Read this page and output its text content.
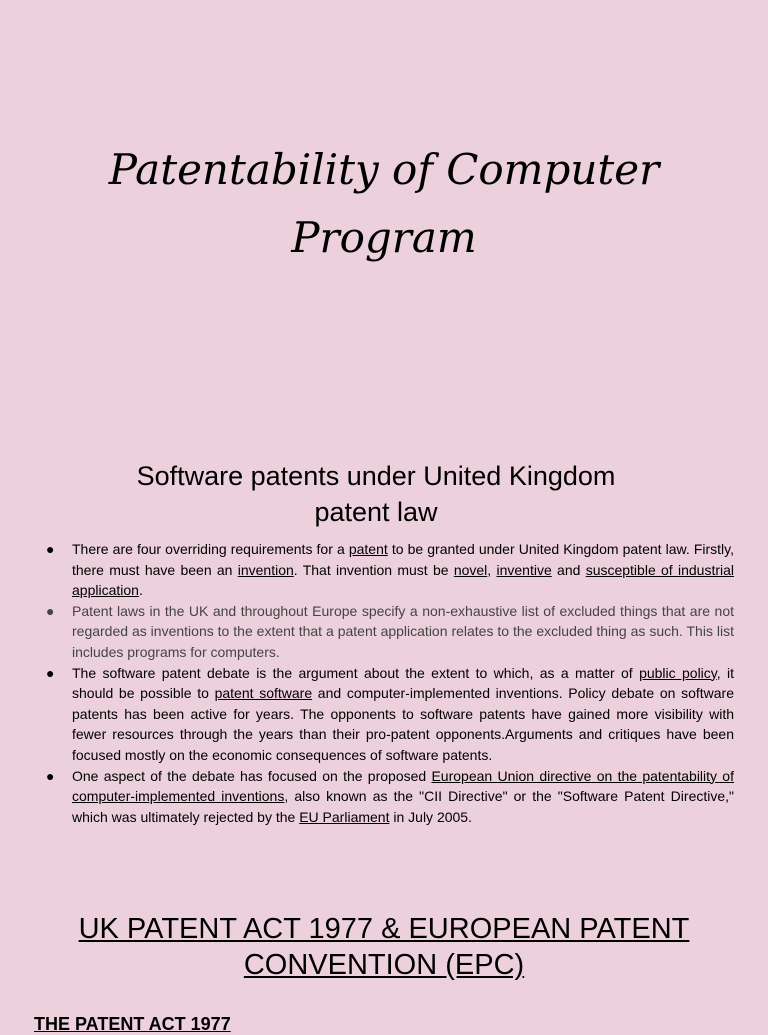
Patentability of Computer
Program
Software patents under United Kingdom
patent law
● There are four overriding requirements for a patent to be granted under United Kingdom patent law. Firstly, there must have been an invention. That invention must be novel, inventive and susceptible of industrial application.
● Patent laws in the UK and throughout Europe specify a non-exhaustive list of excluded things that are not regarded as inventions to the extent that a patent application relates to the excluded thing as such. This list includes programs for computers.
● The software patent debate is the argument about the extent to which, as a matter of public policy, it should be possible to patent software and computer-implemented inventions. Policy debate on software patents has been active for years. The opponents to software patents have gained more visibility with fewer resources through the years than their pro-patent opponents.Arguments and critiques have been focused mostly on the economic consequences of software patents.
● One aspect of the debate has focused on the proposed European Union directive on the patentability of computer-implemented inventions, also known as the "CII Directive" or the "Software Patent Directive," which was ultimately rejected by the EU Parliament in July 2005.
UK PATENT ACT 1977 & EUROPEAN PATENT
CONVENTION (EPC)
THE PATENT ACT 1977
